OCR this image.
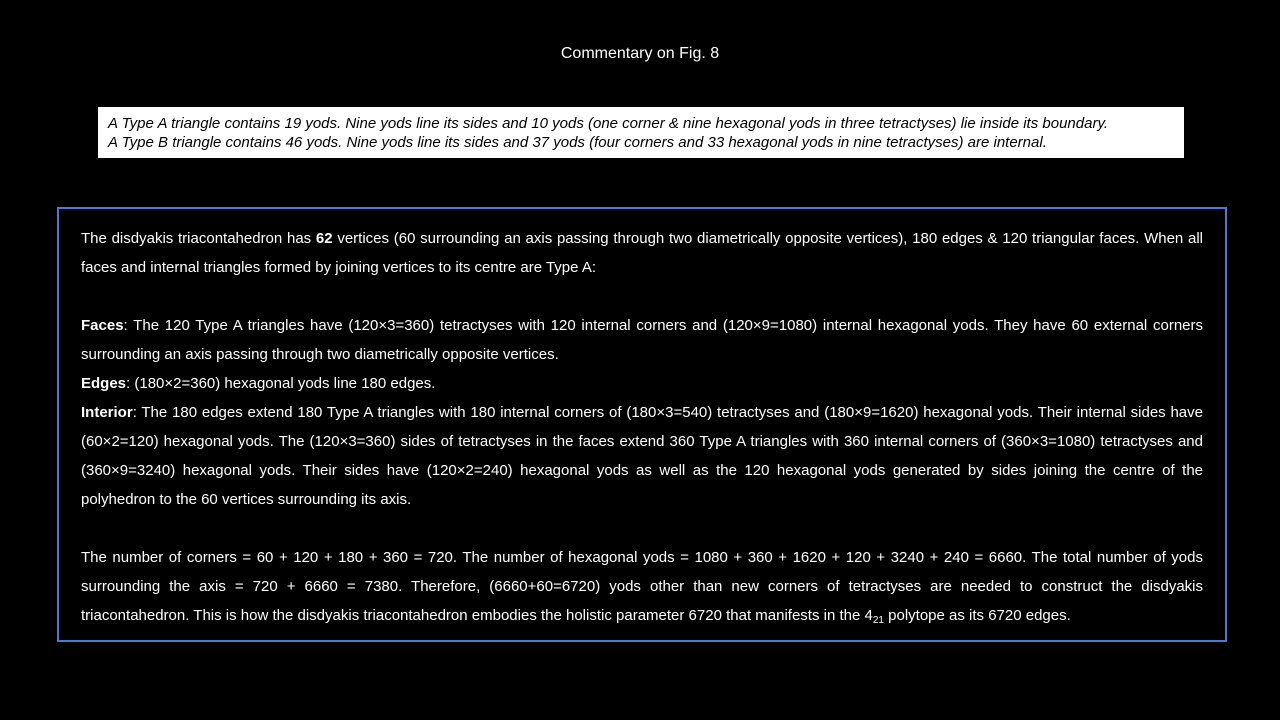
Commentary on Fig. 8
A Type A triangle contains 19 yods. Nine yods line its sides and 10 yods (one corner & nine hexagonal yods in three tetractyses) lie inside its boundary.
A Type B triangle contains 46 yods. Nine yods line its sides and 37 yods (four corners and 33 hexagonal yods in nine tetractyses) are internal.

The disdyakis triacontahedron has 62 vertices (60 surrounding an axis passing through two diametrically opposite vertices), 180 edges & 120 triangular faces. When all faces and internal triangles formed by joining vertices to its centre are Type A:

Faces: The 120 Type A triangles have (120×3=360) tetractyses with 120 internal corners and (120×9=1080) internal hexagonal yods. They have 60 external corners surrounding an axis passing through two diametrically opposite vertices.

Edges: (180×2=360) hexagonal yods line 180 edges.

Interior: The 180 edges extend 180 Type A triangles with 180 internal corners of (180×3=540) tetractyses and (180×9=1620) hexagonal yods. Their internal sides have (60×2=120) hexagonal yods. The (120×3=360) sides of tetractyses in the faces extend 360 Type A triangles with 360 internal corners of (360×3=1080) tetractyses and (360×9=3240) hexagonal yods. Their sides have (120×2=240) hexagonal yods as well as the 120 hexagonal yods generated by sides joining the centre of the polyhedron to the 60 vertices surrounding its axis.

The number of corners = 60 + 120 + 180 + 360 = 720. The number of hexagonal yods = 1080 + 360 + 1620 + 120 + 3240 + 240 = 6660. The total number of yods surrounding the axis = 720 + 6660 = 7380. Therefore, (6660+60=6720) yods other than new corners of tetractyses are needed to construct the disdyakis triacontahedron. This is how the disdyakis triacontahedron embodies the holistic parameter 6720 that manifests in the $4_{21}$ polytope as its 6720 edges.
